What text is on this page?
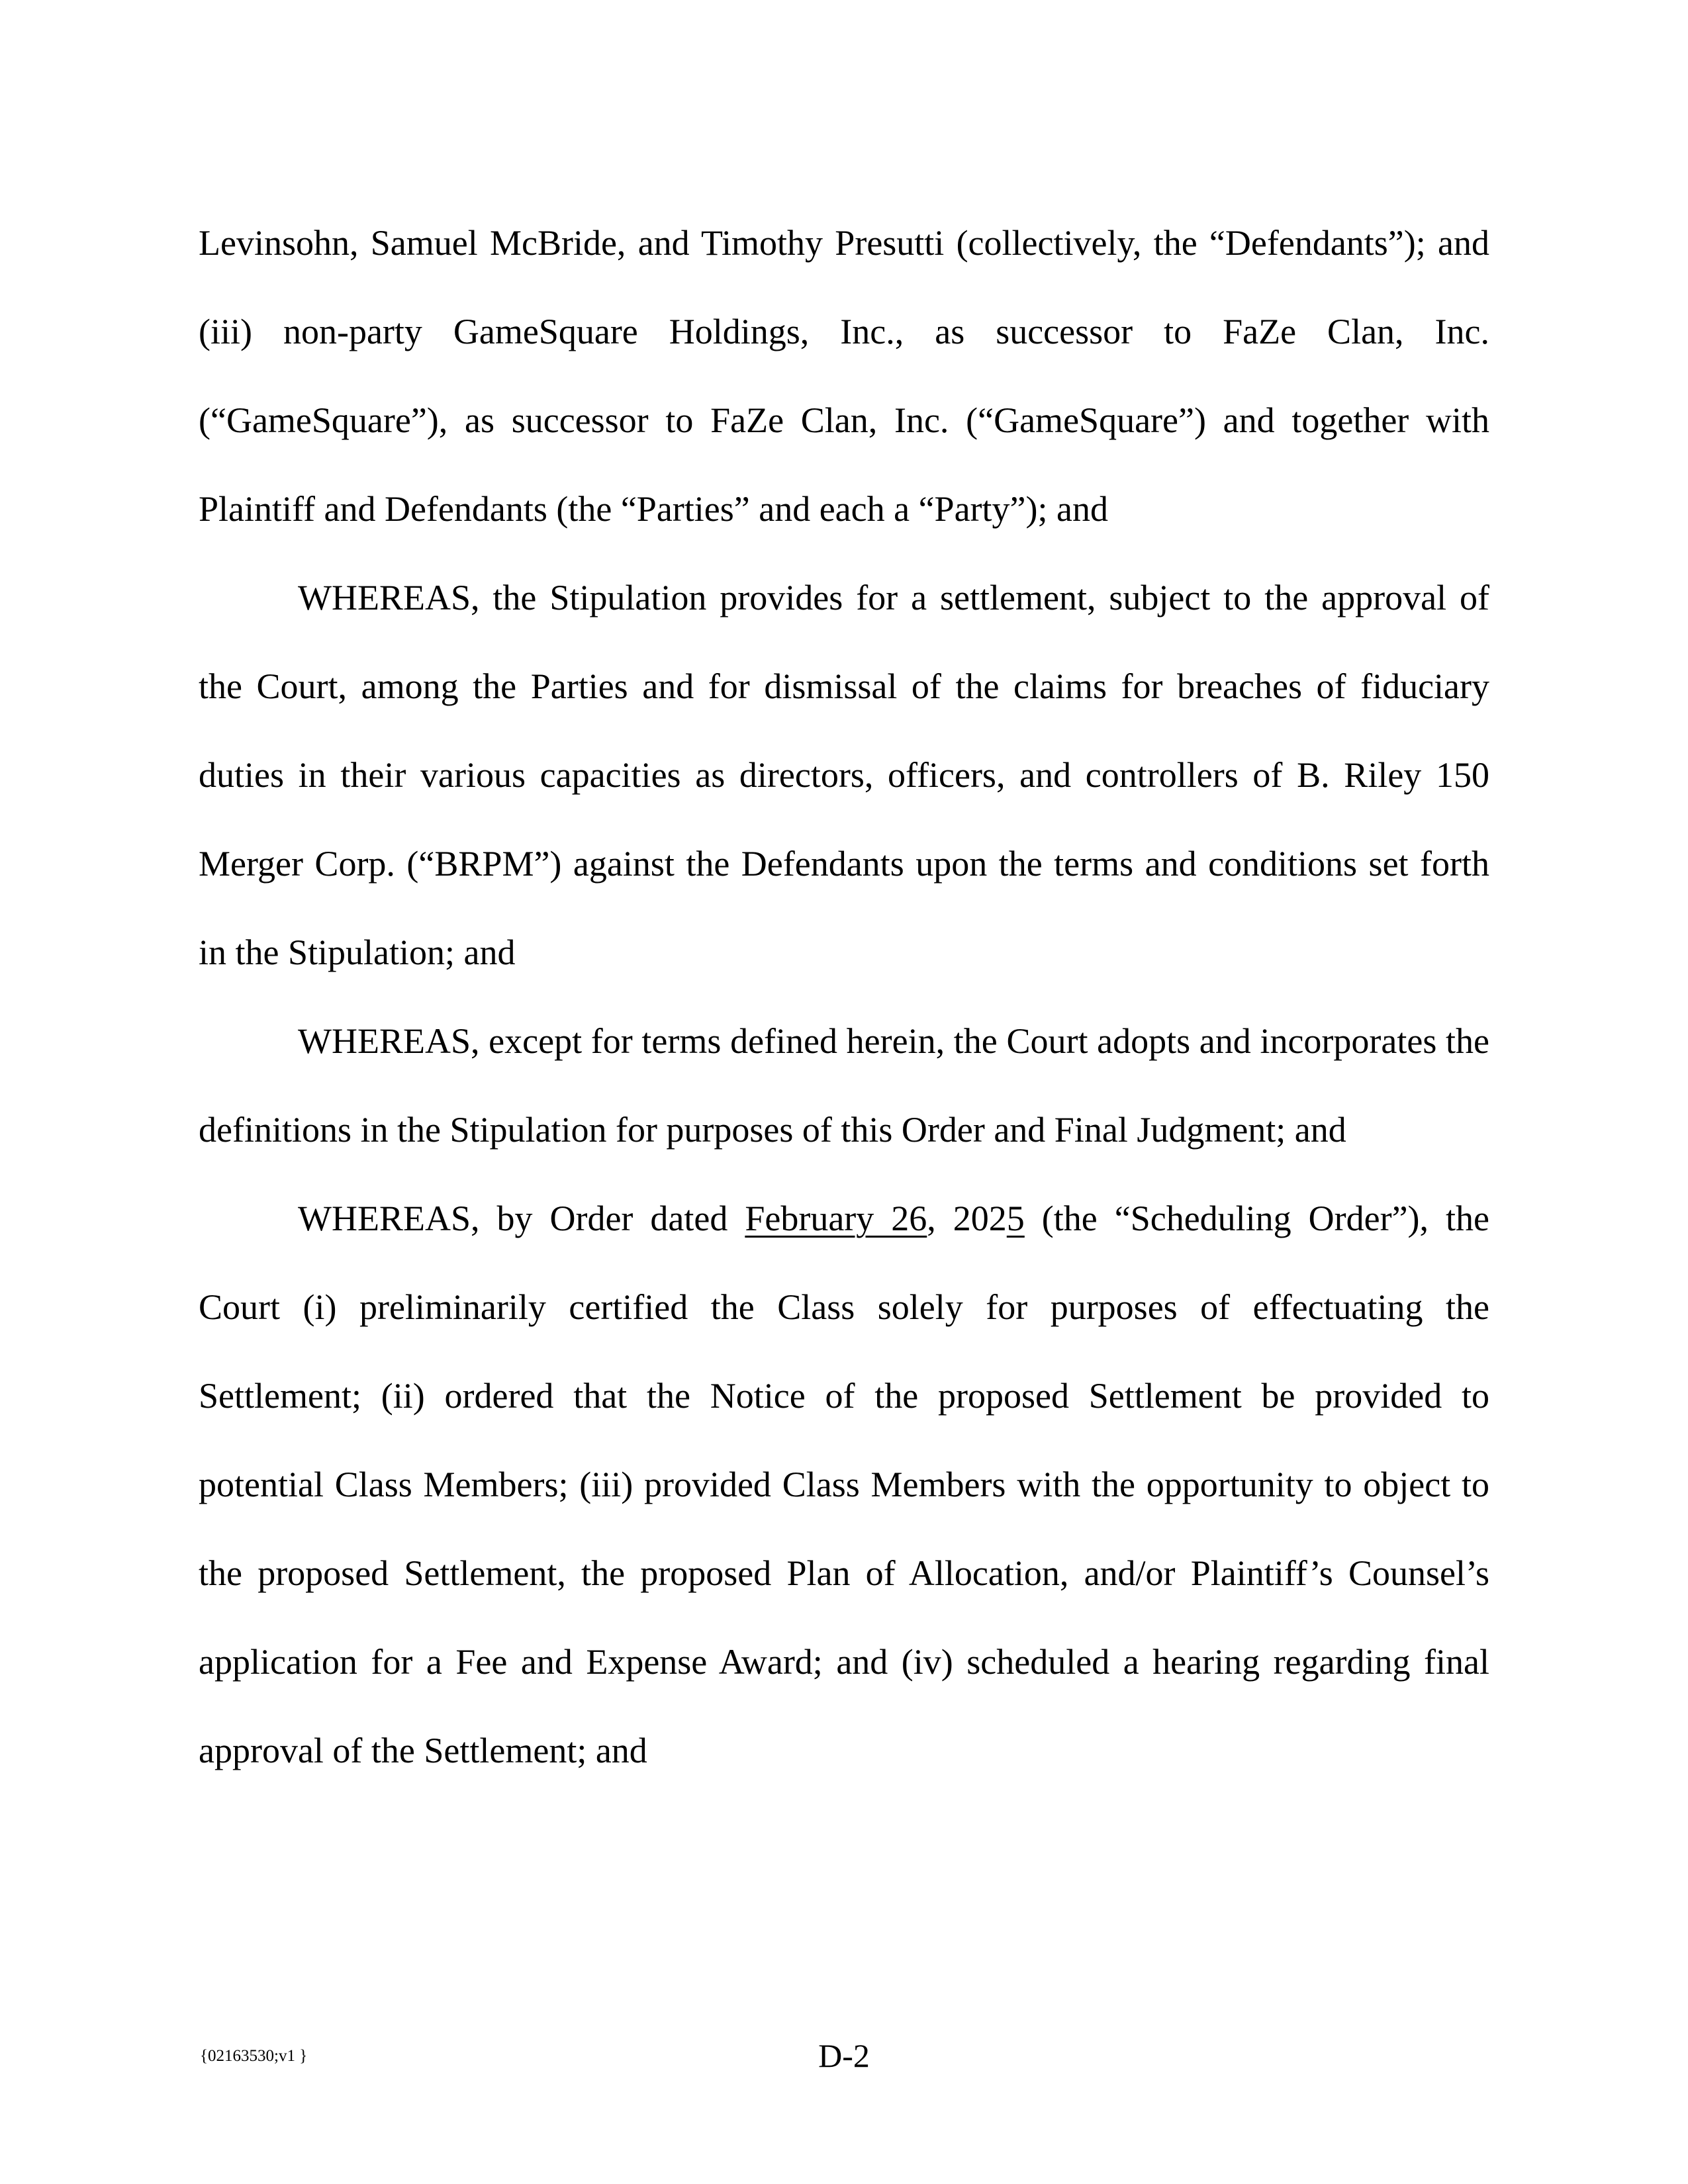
Levinsohn, Samuel McBride, and Timothy Presutti (collectively, the “Defendants”); and (iii) non-party GameSquare Holdings, Inc., as successor to FaZe Clan, Inc. (“GameSquare”), as successor to FaZe Clan, Inc. (“GameSquare”) and together with Plaintiff and Defendants (the “Parties” and each a “Party”); and

WHEREAS, the Stipulation provides for a settlement, subject to the approval of the Court, among the Parties and for dismissal of the claims for breaches of fiduciary duties in their various capacities as directors, officers, and controllers of B. Riley 150 Merger Corp. (“BRPM”) against the Defendants upon the terms and conditions set forth in the Stipulation; and

WHEREAS, except for terms defined herein, the Court adopts and incorporates the definitions in the Stipulation for purposes of this Order and Final Judgment; and

WHEREAS, by Order dated February 26, 2025 (the “Scheduling Order”), the Court (i) preliminarily certified the Class solely for purposes of effectuating the Settlement; (ii) ordered that the Notice of the proposed Settlement be provided to potential Class Members; (iii) provided Class Members with the opportunity to object to the proposed Settlement, the proposed Plan of Allocation, and/or Plaintiff’s Counsel’s application for a Fee and Expense Award; and (iv) scheduled a hearing regarding final approval of the Settlement; and

{02163530;v1 }	D-2
